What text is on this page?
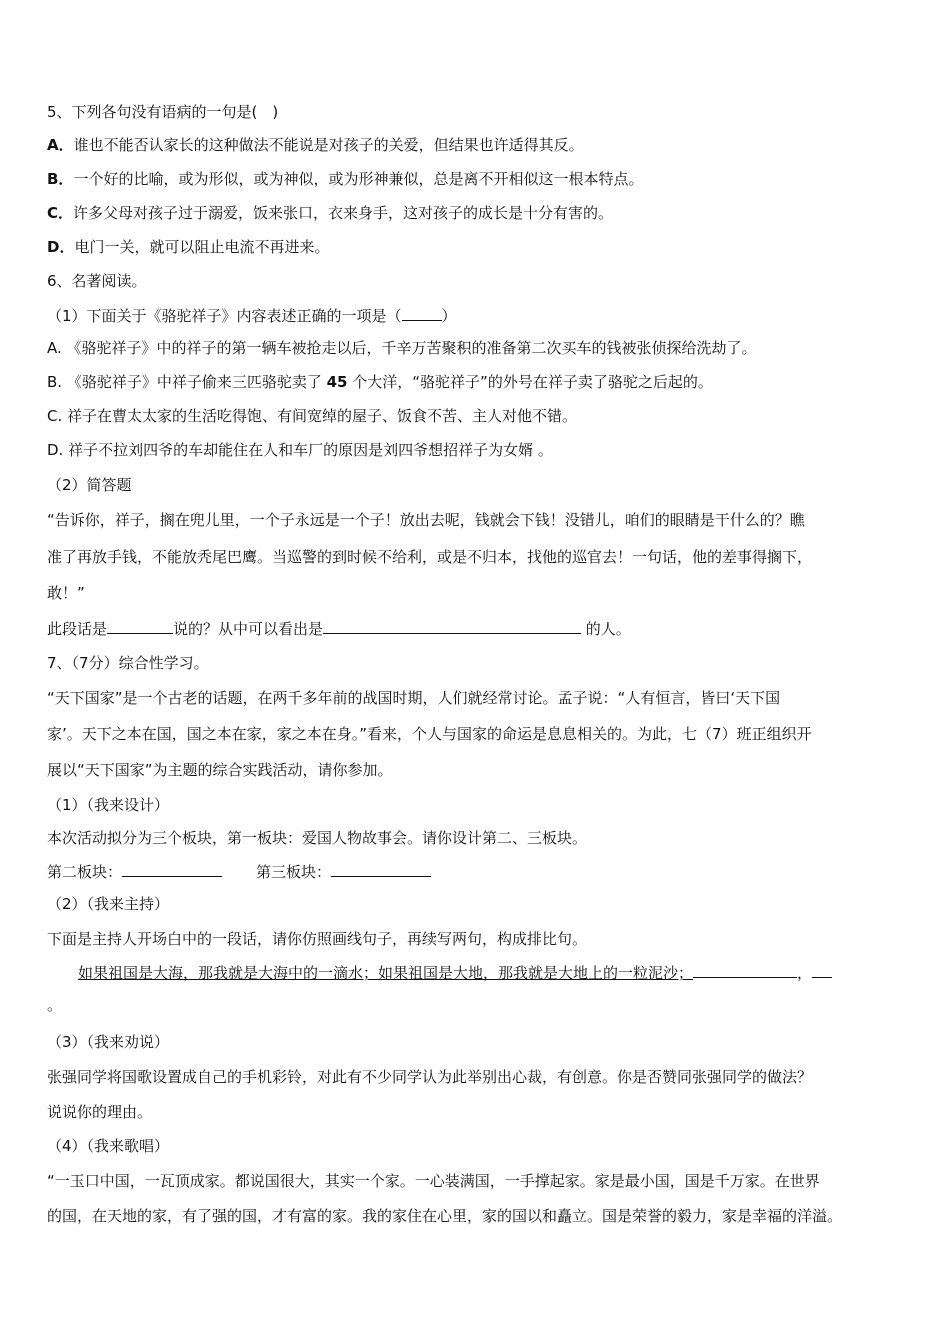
5、下列各句没有语病的一句是(　)
A．谁也不能否认家长的这种做法不能说是对孩子的关爱，但结果也许适得其反。
B．一个好的比喻，或为形似，或为神似，或为形神兼似，总是离不开相似这一根本特点。
C．许多父母对孩子过于溺爱，饭来张口，衣来身手，这对孩子的成长是十分有害的。
D．电门一关，就可以阻止电流不再进来。
6、名著阅读。
（1）下面关于《骆驼祥子》内容表述正确的一项是（	）
A. 《骆驼祥子》中的祥子的第一辆车被抢走以后，千辛万苦聚积的准备第二次买车的钱被张侦探给洗劫了。
B. 《骆驼祥子》中祥子偷来三匹骆驼卖了 45 个大洋，“骆驼祥子”的外号在祥子卖了骆驼之后起的。
C. 祥子在曹太太家的生活吃得饱、有间宽绰的屋子、饭食不苦、主人对他不错。
D. 祥子不拉刘四爷的车却能住在人和车厂的原因是刘四爷想招祥子为女婿 。
（2）简答题
“告诉你，祥子，搁在兜儿里，一个子永远是一个子！放出去呢，钱就会下钱！没错儿，咱们的眼睛是干什么的？瞧
准了再放手钱，不能放秃尾巴鹰。当巡警的到时候不给利，或是不归本，找他的巡官去！一句话，他的差事得搁下，
敢！”
此段话是	说的？从中可以看出是	的人。
7、（7分）综合性学习。
“天下国家”是一个古老的话题，在两千多年前的战国时期，人们就经常讨论。孟子说：“人有恒言，皆曰‘天下国
家’。天下之本在国，国之本在家，家之本在身。”看来，个人与国家的命运是息息相关的。为此，七（7）班正组织开
展以“天下国家”为主题的综合实践活动，请你参加。
（1）（我来设计）
本次活动拟分为三个板块，第一板块：爱国人物故事会。请你设计第二、三板块。
第二板块：	第三板块：
（2）（我来主持）
下面是主持人开场白中的一段话，请你仿照画线句子，再续写两句，构成排比句。
如果祖国是大海，那我就是大海中的一滴水；如果祖国是大地，那我就是大地上的一粒泥沙；	，
。
（3）（我来劝说）
张强同学将国歌设置成自己的手机彩铃，对此有不少同学认为此举别出心裁，有创意。你是否赞同张强同学的做法？
说说你的理由。
（4）（我来歌唱）
“一玉口中国，一瓦顶成家。都说国很大，其实一个家。一心装满国，一手撑起家。家是最小国，国是千万家。在世界
的国，在天地的家，有了强的国，才有富的家。我的家住在心里，家的国以和矗立。国是荣誉的毅力，家是幸福的洋溢。
